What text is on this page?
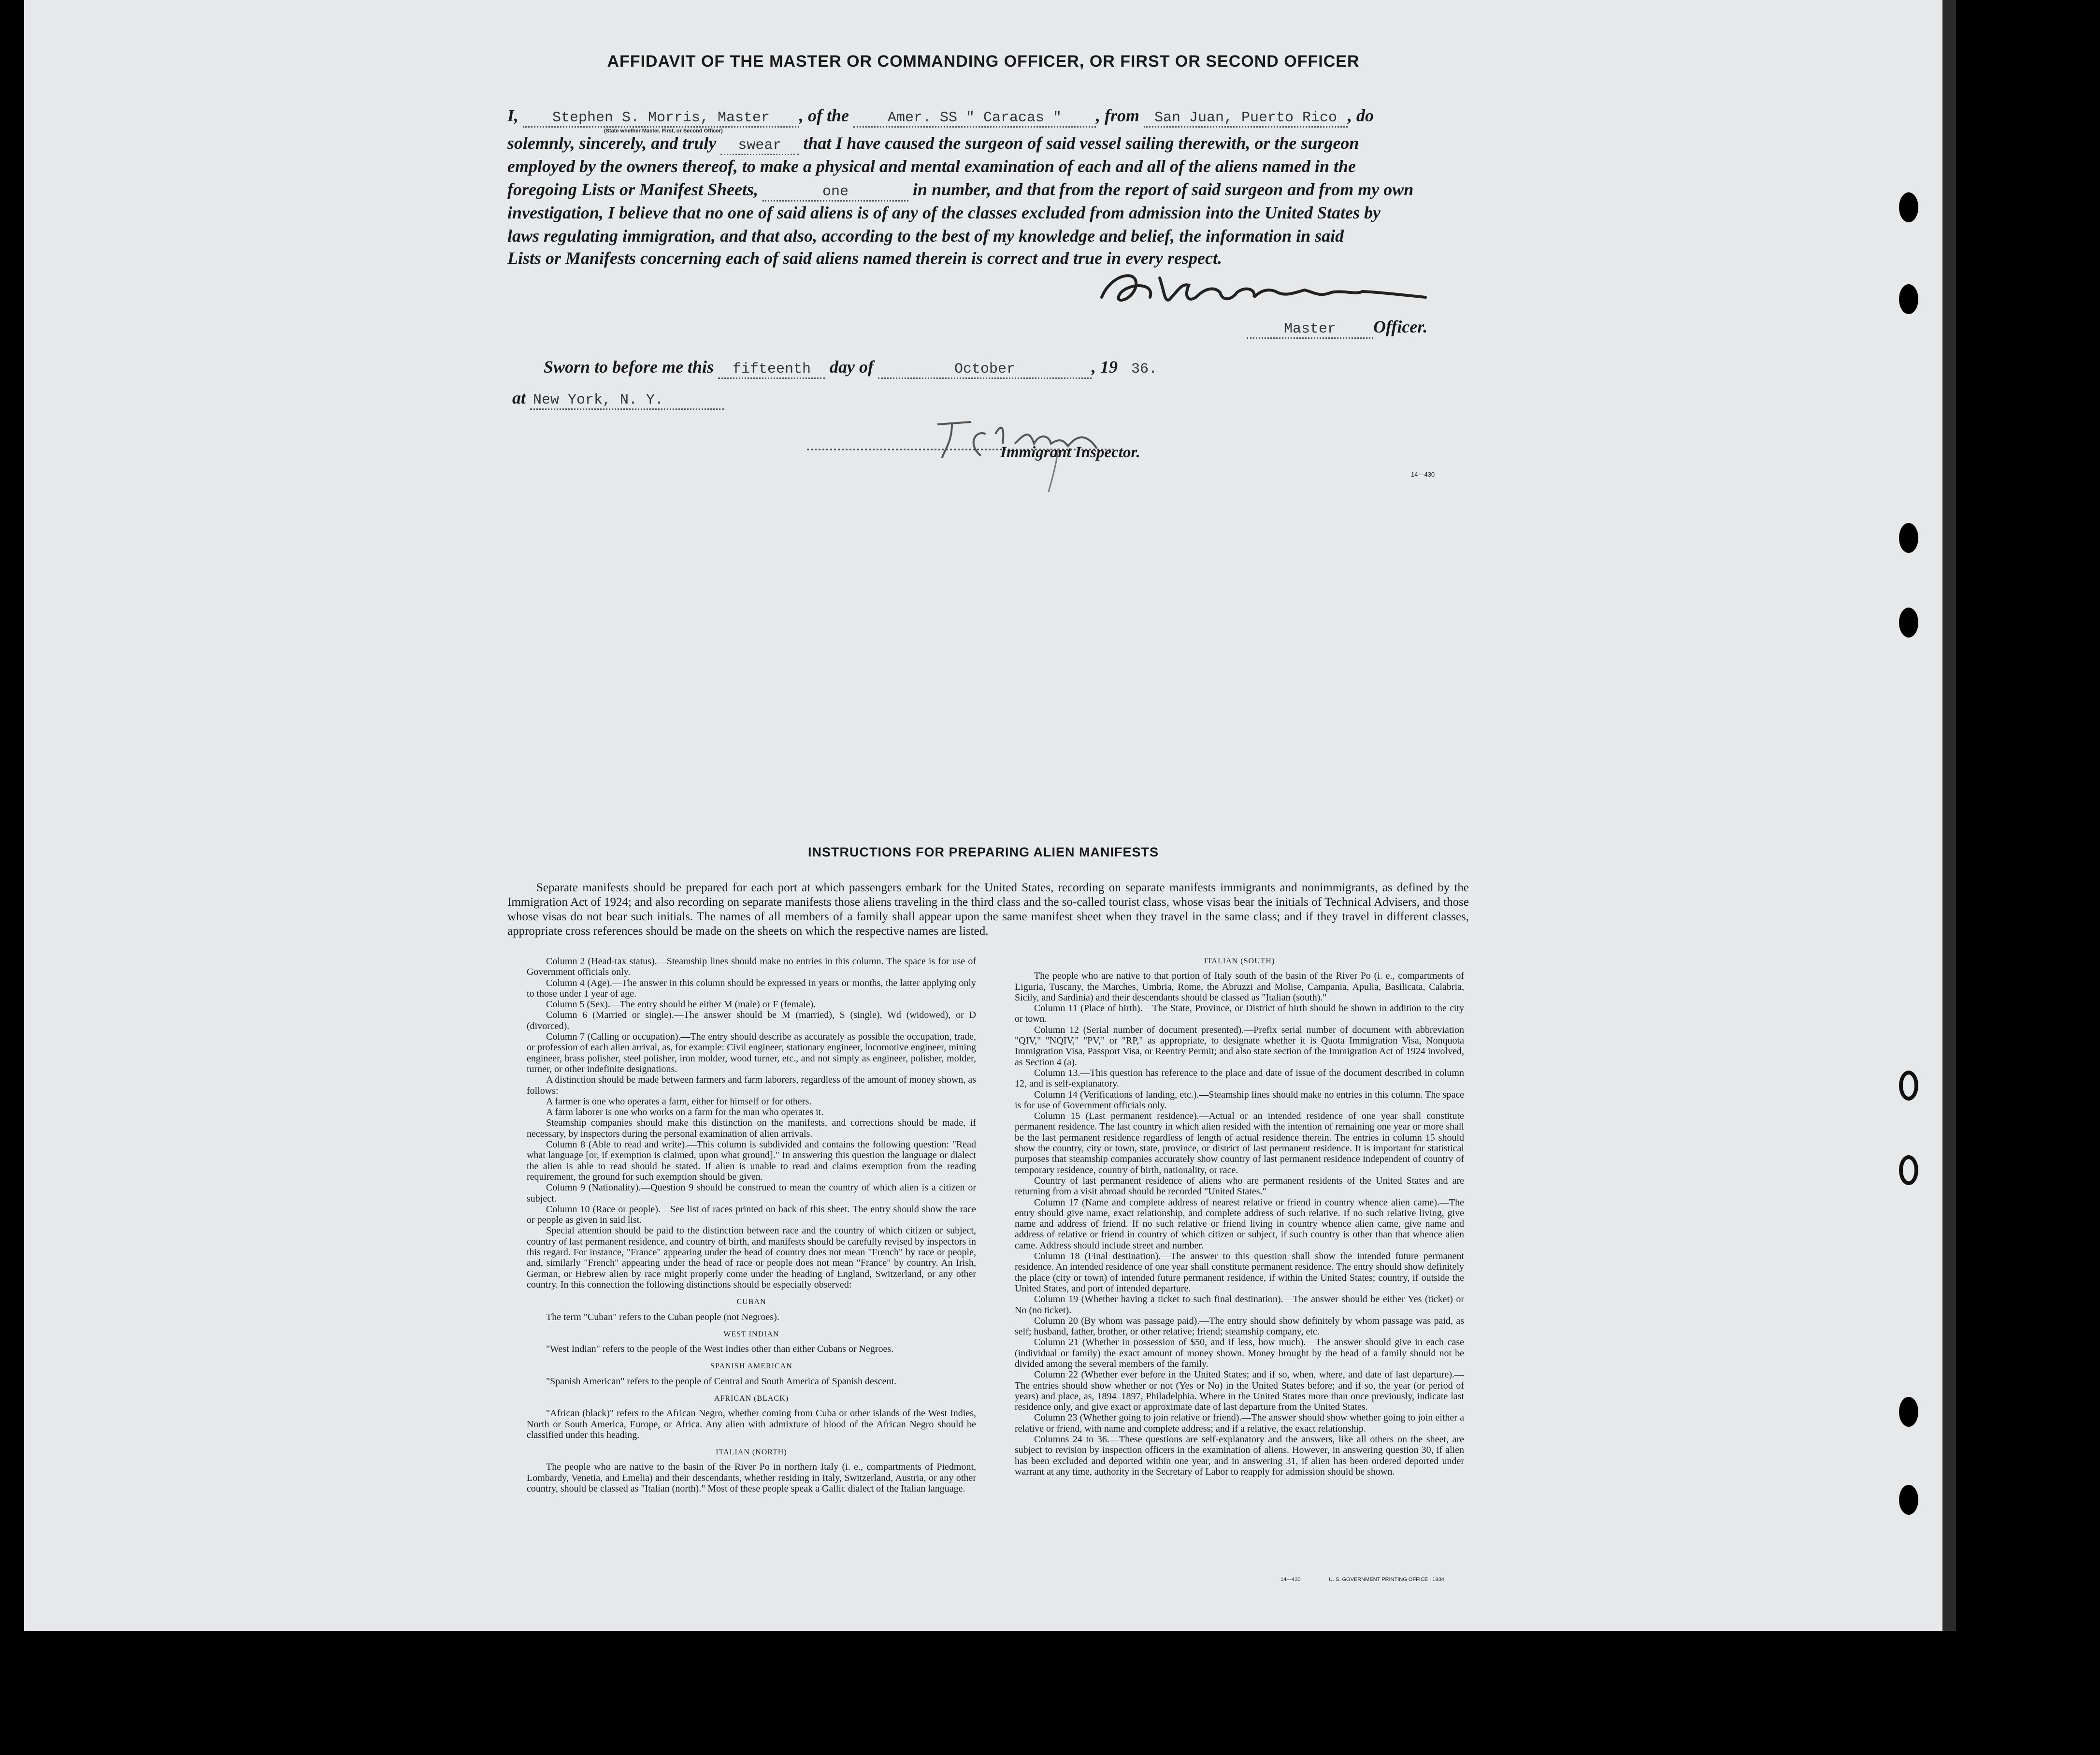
AFFIDAVIT OF THE MASTER OR COMMANDING OFFICER, OR FIRST OR SECOND OFFICER
I, Stephen S. Morris, Master , of the	Amer. SS " Caracas " , from San Juan, Puerto Rico , do
(State whether Master, First, or Second Officer)
solemnly, sincerely, and truly swear that I have caused the surgeon of said vessel sailing therewith, or the surgeon
employed by the owners thereof, to make a physical and mental examination of each and all of the aliens named in the
foregoing Lists or Manifest Sheets,	one	in number, and that from the report of said surgeon and from my own
investigation, I believe that no one of said aliens is of any of the classes excluded from admission into the United States by
laws regulating immigration, and that also, according to the best of my knowledge and belief, the information in said
Lists or Manifests concerning each of said aliens named therein is correct and true in every respect.
Master Officer.
Sworn to before me this fifteenth day of	October	, 19 36.
at New York, N. Y.
Immigrant Inspector.
14—430
INSTRUCTIONS FOR PREPARING ALIEN MANIFESTS

Separate manifests should be prepared for each port at which passengers embark for the United States, recording on separate manifests immigrants and nonimmigrants, as defined by the Immigration Act of 1924; and also recording on separate manifests those aliens traveling in the third class and the so-called tourist class, whose visas bear the initials of Technical Advisers, and those whose visas do not bear such initials. The names of all members of a family shall appear upon the same manifest sheet when they travel in the same class; and if they travel in different classes, appropriate cross references should be made on the sheets on which the respective names are listed.

Column 2 (Head-tax status).—Steamship lines should make no entries in this column. The space is for use of Government officials only.

Column 4 (Age).—The answer in this column should be expressed in years or months, the latter applying only to those under 1 year of age.

Column 5 (Sex).—The entry should be either M (male) or F (female).

Column 6 (Married or single).—The answer should be M (married), S (single), Wd (widowed), or D (divorced).

Column 7 (Calling or occupation).—The entry should describe as accurately as possible the occupation, trade, or profession of each alien arrival, as, for example: Civil engineer, stationary engineer, locomotive engineer, mining engineer, brass polisher, steel polisher, iron molder, wood turner, etc., and not simply as engineer, polisher, molder, turner, or other indefinite designations.

A distinction should be made between farmers and farm laborers, regardless of the amount of money shown, as follows:

A farmer is one who operates a farm, either for himself or for others.

A farm laborer is one who works on a farm for the man who operates it.

Steamship companies should make this distinction on the manifests, and corrections should be made, if necessary, by inspectors during the personal examination of alien arrivals.

Column 8 (Able to read and write).—This column is subdivided and contains the following question: "Read what language [or, if exemption is claimed, upon what ground]." In answering this question the language or dialect the alien is able to read should be stated. If alien is unable to read and claims exemption from the reading requirement, the ground for such exemption should be given.

Column 9 (Nationality).—Question 9 should be construed to mean the country of which alien is a citizen or subject.

Column 10 (Race or people).—See list of races printed on back of this sheet. The entry should show the race or people as given in said list.

Special attention should be paid to the distinction between race and the country of which citizen or subject, country of last permanent residence, and country of birth, and manifests should be carefully revised by inspectors in this regard. For instance, "France" appearing under the head of country does not mean "French" by race or people, and, similarly "French" appearing under the head of race or people does not mean "France" by country. An Irish, German, or Hebrew alien by race might properly come under the heading of England, Switzerland, or any other country. In this connection the following distinctions should be especially observed:

CUBAN

The term "Cuban" refers to the Cuban people (not Negroes).

WEST INDIAN

"West Indian" refers to the people of the West Indies other than either Cubans or Negroes.

SPANISH AMERICAN

"Spanish American" refers to the people of Central and South America of Spanish descent.

AFRICAN (BLACK)

"African (black)" refers to the African Negro, whether coming from Cuba or other islands of the West Indies, North or South America, Europe, or Africa. Any alien with admixture of blood of the African Negro should be classified under this heading.

ITALIAN (NORTH)

The people who are native to the basin of the River Po in northern Italy (i. e., compartments of Piedmont, Lombardy, Venetia, and Emelia) and their descendants, whether residing in Italy, Switzerland, Austria, or any other country, should be classed as "Italian (north)." Most of these people speak a Gallic dialect of the Italian language.

ITALIAN (SOUTH)

The people who are native to that portion of Italy south of the basin of the River Po (i. e., compartments of Liguria, Tuscany, the Marches, Umbria, Rome, the Abruzzi and Molise, Campania, Apulia, Basilicata, Calabria, Sicily, and Sardinia) and their descendants should be classed as "Italian (south)."

Column 11 (Place of birth).—The State, Province, or District of birth should be shown in addition to the city or town.

Column 12 (Serial number of document presented).—Prefix serial number of document with abbreviation "QIV," "NQIV," "PV," or "RP," as appropriate, to designate whether it is Quota Immigration Visa, Nonquota Immigration Visa, Passport Visa, or Reentry Permit; and also state section of the Immigration Act of 1924 involved, as Section 4 (a).

Column 13.—This question has reference to the place and date of issue of the document described in column 12, and is self-explanatory.

Column 14 (Verifications of landing, etc.).—Steamship lines should make no entries in this column. The space is for use of Government officials only.

Column 15 (Last permanent residence).—Actual or an intended residence of one year shall constitute permanent residence. The last country in which alien resided with the intention of remaining one year or more shall be the last permanent residence regardless of length of actual residence therein. The entries in column 15 should show the country, city or town, state, province, or district of last permanent residence. It is important for statistical purposes that steamship companies accurately show country of last permanent residence independent of country of temporary residence, country of birth, nationality, or race.

Country of last permanent residence of aliens who are permanent residents of the United States and are returning from a visit abroad should be recorded "United States."

Column 17 (Name and complete address of nearest relative or friend in country whence alien came).—The entry should give name, exact relationship, and complete address of such relative. If no such relative living, give name and address of friend. If no such relative or friend living in country whence alien came, give name and address of relative or friend in country of which citizen or subject, if such country is other than that whence alien came. Address should include street and number.

Column 18 (Final destination).—The answer to this question shall show the intended future permanent residence. An intended residence of one year shall constitute permanent residence. The entry should show definitely the place (city or town) of intended future permanent residence, if within the United States; country, if outside the United States, and port of intended departure.

Column 19 (Whether having a ticket to such final destination).—The answer should be either Yes (ticket) or No (no ticket).

Column 20 (By whom was passage paid).—The entry should show definitely by whom passage was paid, as self; husband, father, brother, or other relative; friend; steamship company, etc.

Column 21 (Whether in possession of $50, and if less, how much).—The answer should give in each case (individual or family) the exact amount of money shown. Money brought by the head of a family should not be divided among the several members of the family.

Column 22 (Whether ever before in the United States; and if so, when, where, and date of last departure).—The entries should show whether or not (Yes or No) in the United States before; and if so, the year (or period of years) and place, as, 1894–1897, Philadelphia. Where in the United States more than once previously, indicate last residence only, and give exact or approximate date of last departure from the United States.

Column 23 (Whether going to join relative or friend).—The answer should show whether going to join either a relative or friend, with name and complete address; and if a relative, the exact relationship.

Columns 24 to 36.—These questions are self-explanatory and the answers, like all others on the sheet, are subject to revision by inspection officers in the examination of aliens. However, in answering question 30, if alien has been excluded and deported within one year, and in answering 31, if alien has been ordered deported under warrant at any time, authority in the Secretary of Labor to reapply for admission should be shown.

14—430	U. S. GOVERNMENT PRINTING OFFICE : 1934
